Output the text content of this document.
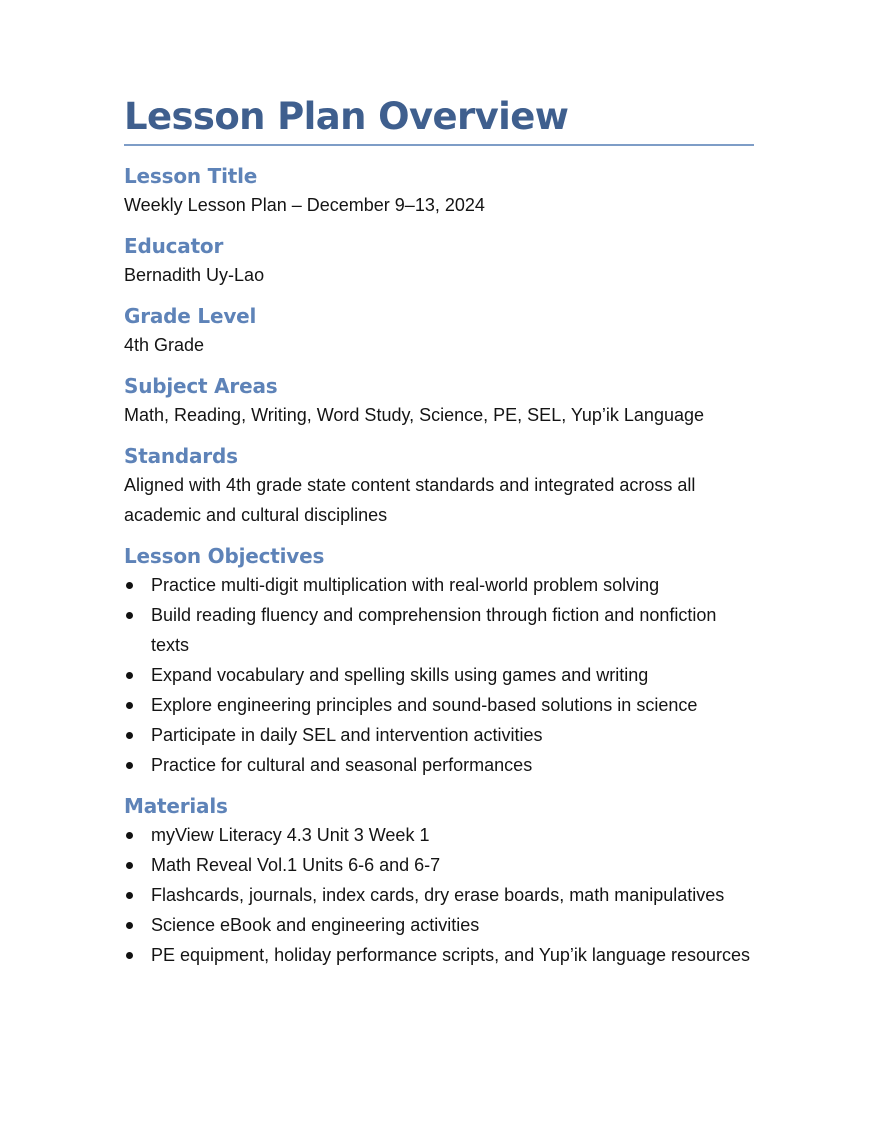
Lesson Plan Overview
Lesson Title

Weekly Lesson Plan – December 9–13, 2024

Educator

Bernadith Uy-Lao

Grade Level

4th Grade

Subject Areas

Math, Reading, Writing, Word Study, Science, PE, SEL, Yup’ik Language

Standards

Aligned with 4th grade state content standards and integrated across all academic and cultural disciplines

Lesson Objectives
Practice multi-digit multiplication with real-world problem solving
Build reading fluency and comprehension through fiction and nonfiction texts
Expand vocabulary and spelling skills using games and writing
Explore engineering principles and sound-based solutions in science
Participate in daily SEL and intervention activities
Practice for cultural and seasonal performances
Materials
myView Literacy 4.3 Unit 3 Week 1
Math Reveal Vol.1 Units 6-6 and 6-7
Flashcards, journals, index cards, dry erase boards, math manipulatives
Science eBook and engineering activities
PE equipment, holiday performance scripts, and Yup’ik language resources
